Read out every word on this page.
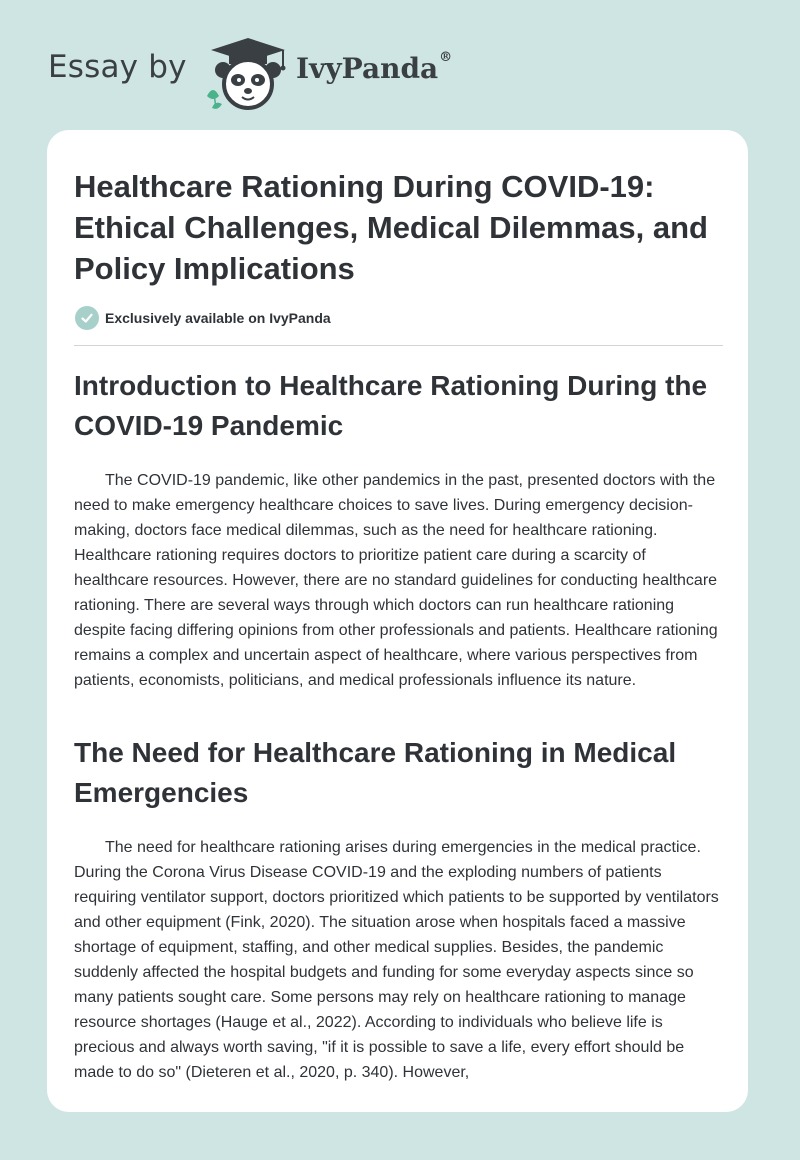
Essay by	IvyPanda®
Healthcare Rationing During COVID-19: Ethical Challenges, Medical Dilemmas, and Policy Implications
Exclusively available on IvyPanda
Introduction to Healthcare Rationing During the COVID-19 Pandemic

The COVID-19 pandemic, like other pandemics in the past, presented doctors with the need to make emergency healthcare choices to save lives. During emergency decision-making, doctors face medical dilemmas, such as the need for healthcare rationing. Healthcare rationing requires doctors to prioritize patient care during a scarcity of healthcare resources. However, there are no standard guidelines for conducting healthcare rationing. There are several ways through which doctors can run healthcare rationing despite facing differing opinions from other professionals and patients. Healthcare rationing remains a complex and uncertain aspect of healthcare, where various perspectives from patients, economists, politicians, and medical professionals influence its nature.

The Need for Healthcare Rationing in Medical Emergencies

The need for healthcare rationing arises during emergencies in the medical practice. During the Corona Virus Disease COVID-19 and the exploding numbers of patients requiring ventilator support, doctors prioritized which patients to be supported by ventilators and other equipment (Fink, 2020). The situation arose when hospitals faced a massive shortage of equipment, staffing, and other medical supplies. Besides, the pandemic suddenly affected the hospital budgets and funding for some everyday aspects since so many patients sought care. Some persons may rely on healthcare rationing to manage resource shortages (Hauge et al., 2022). According to individuals who believe life is precious and always worth saving, "if it is possible to save a life, every effort should be made to do so" (Dieteren et al., 2020, p. 340). However,
